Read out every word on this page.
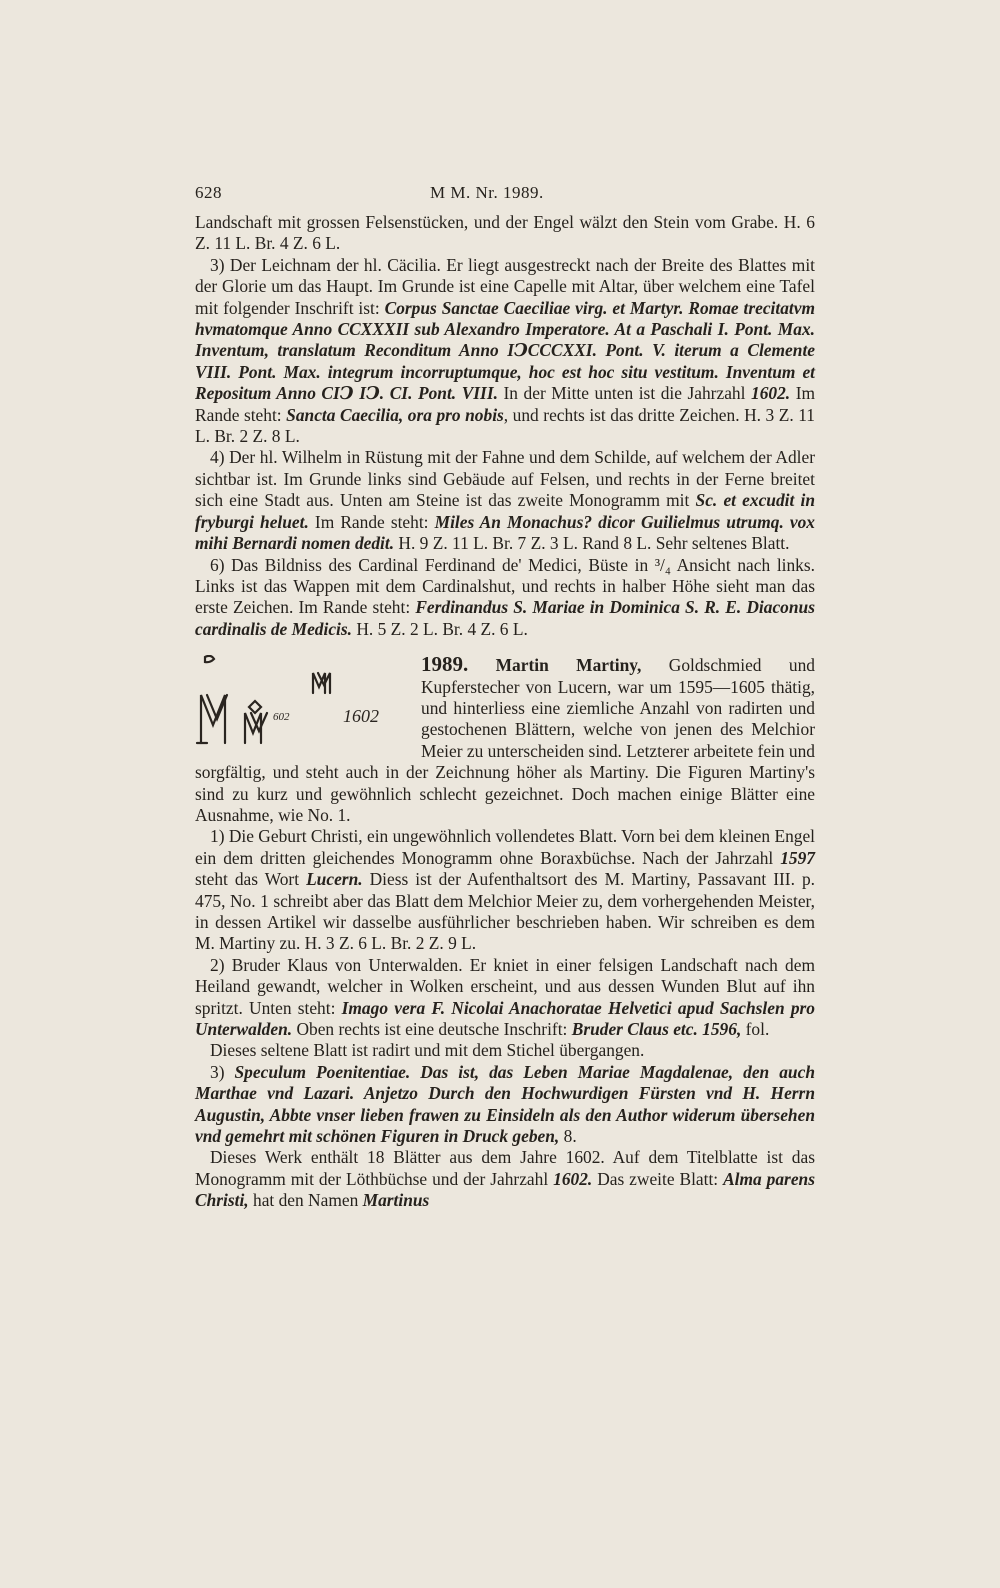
628	M M. Nr. 1989.

Landschaft mit grossen Felsenstücken, und der Engel wälzt den Stein vom Grabe. H. 6 Z. 11 L. Br. 4 Z. 6 L.

3) Der Leichnam der hl. Cäcilia. Er liegt ausgestreckt nach der Breite des Blattes mit der Glorie um das Haupt. Im Grunde ist eine Capelle mit Altar, über welchem eine Tafel mit folgender Inschrift ist: Corpus Sanctae Caeciliae virg. et Martyr. Romae trecitatvm hvmatomque Anno CCXXXII sub Alexandro Imperatore. At a Paschali I. Pont. Max. Inventum, translatum Reconditum Anno IↃCCCXXI. Pont. V. iterum a Clemente VIII. Pont. Max. integrum incorruptumque, hoc est hoc situ vestitum. Inventum et Repositum Anno CIↃ IↃ. CI. Pont. VIII. In der Mitte unten ist die Jahrzahl 1602. Im Rande steht: Sancta Caecilia, ora pro nobis, und rechts ist das dritte Zeichen. H. 3 Z. 11 L. Br. 2 Z. 8 L.

4) Der hl. Wilhelm in Rüstung mit der Fahne und dem Schilde, auf welchem der Adler sichtbar ist. Im Grunde links sind Gebäude auf Felsen, und rechts in der Ferne breitet sich eine Stadt aus. Unten am Steine ist das zweite Monogramm mit Sc. et excudit in fryburgi heluet. Im Rande steht: Miles An Monachus? dicor Guilielmus utrumq. vox mihi Bernardi nomen dedit. H. 9 Z. 11 L. Br. 7 Z. 3 L. Rand 8 L. Sehr seltenes Blatt.

6) Das Bildniss des Cardinal Ferdinand de' Medici, Büste in ³/₄ Ansicht nach links. Links ist das Wappen mit dem Cardinalshut, und rechts in halber Höhe sieht man das erste Zeichen. Im Rande steht: Ferdinandus S. Mariae in Dominica S. R. E. Diaconus cardinalis de Medicis. H. 5 Z. 2 L. Br. 4 Z. 6 L.

602	1602
1989. Martin Martiny, Goldschmied und Kupferstecher von Lucern, war um 1595—1605 thätig, und hinterliess eine ziemliche Anzahl von radirten und gestochenen Blättern, welche von jenen des Melchior Meier zu unterscheiden sind. Letzterer arbeitete fein und sorgfältig, und steht auch in der Zeichnung höher als Martiny. Die Figuren Martiny's sind zu kurz und gewöhnlich schlecht gezeichnet. Doch machen einige Blätter eine Ausnahme, wie No. 1.

1) Die Geburt Christi, ein ungewöhnlich vollendetes Blatt. Vorn bei dem kleinen Engel ein dem dritten gleichendes Monogramm ohne Boraxbüchse. Nach der Jahrzahl 1597 steht das Wort Lucern. Diess ist der Aufenthaltsort des M. Martiny, Passavant III. p. 475, No. 1 schreibt aber das Blatt dem Melchior Meier zu, dem vorhergehenden Meister, in dessen Artikel wir dasselbe ausführlicher beschrieben haben. Wir schreiben es dem M. Martiny zu. H. 3 Z. 6 L. Br. 2 Z. 9 L.

2) Bruder Klaus von Unterwalden. Er kniet in einer felsigen Landschaft nach dem Heiland gewandt, welcher in Wolken erscheint, und aus dessen Wunden Blut auf ihn spritzt. Unten steht: Imago vera F. Nicolai Anachoratae Helvetici apud Sachslen pro Unterwalden. Oben rechts ist eine deutsche Inschrift: Bruder Claus etc. 1596, fol.

Dieses seltene Blatt ist radirt und mit dem Stichel übergangen.

3) Speculum Poenitentiae. Das ist, das Leben Mariae Magdalenae, den auch Marthae vnd Lazari. Anjetzo Durch den Hochwurdigen Fürsten vnd H. Herrn Augustin, Abbte vnser lieben frawen zu Einsideln als den Author widerum übersehen vnd gemehrt mit schönen Figuren in Druck geben, 8.

Dieses Werk enthält 18 Blätter aus dem Jahre 1602. Auf dem Titelblatte ist das Monogramm mit der Löthbüchse und der Jahrzahl 1602. Das zweite Blatt: Alma parens Christi, hat den Namen Martinus
